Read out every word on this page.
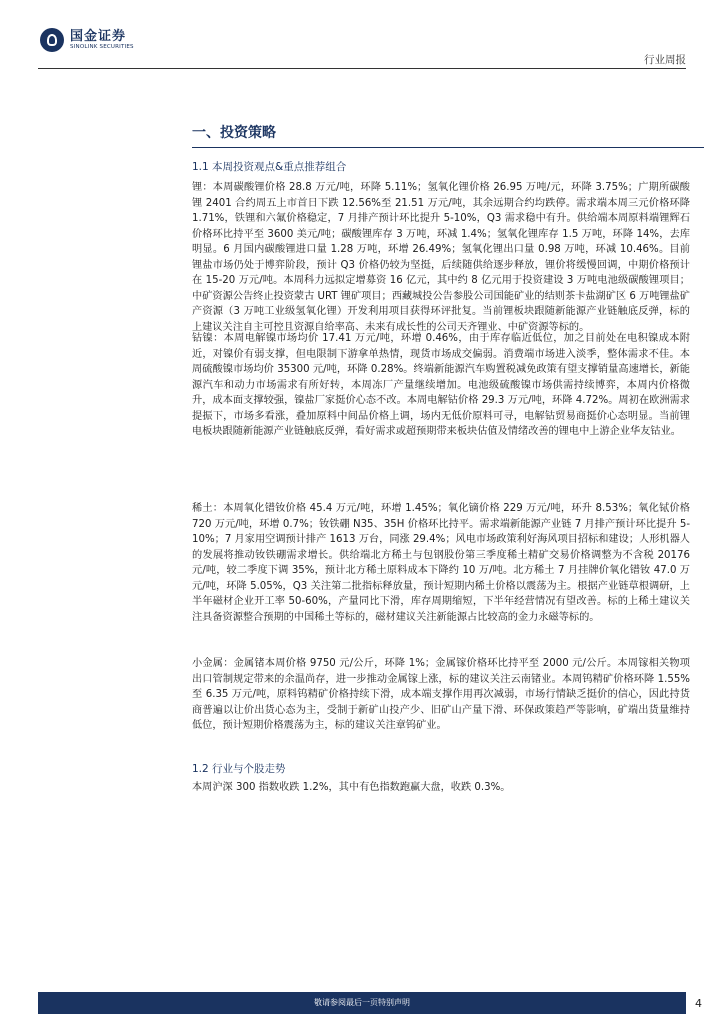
国金证券
SINOLINK SECURITIES
行业周报
一、投资策略
1.1 本周投资观点&重点推荐组合

锂：本周碳酸锂价格 28.8 万元/吨，环降 5.11%；氢氧化锂价格 26.95 万吨/元，环降 3.75%；广期所碳酸锂 2401 合约周五上市首日下跌 12.56%至 21.51 万元/吨，其余远期合约均跌停。需求端本周三元价格环降 1.71%，铁锂和六氟价格稳定，7 月排产预计环比提升 5-10%，Q3 需求稳中有升。供给端本周原料端锂辉石价格环比持平至 3600 美元/吨；碳酸锂库存 3 万吨，环减 1.4%；氢氧化锂库存 1.5 万吨，环降 14%，去库明显。6 月国内碳酸锂进口量 1.28 万吨，环增 26.49%；氢氧化锂出口量 0.98 万吨，环减 10.46%。目前锂盐市场仍处于博弈阶段，预计 Q3 价格仍较为坚挺，后续随供给逐步释放，锂价将缓慢回调，中期价格预计在 15-20 万元/吨。本周科力远拟定增募资 16 亿元，其中约 8 亿元用于投资建设 3 万吨电池级碳酸锂项目；中矿资源公告终止投资蒙古 URT 锂矿项目；西藏城投公告参股公司国能矿业的结则茶卡盐湖矿区 6 万吨锂盐矿产资源（3 万吨工业级氢氧化锂）开发利用项目获得环评批复。当前锂板块跟随新能源产业链触底反弹，标的上建议关注自主可控且资源自给率高、未来有成长性的公司天齐锂业、中矿资源等标的。

钴镍：本周电解镍市场均价 17.41 万元/吨，环增 0.46%，由于库存临近低位，加之目前处在电积镍成本附近，对镍价有弱支撑，但电限制下游拿单热情，现货市场成交偏弱。消费端市场进入淡季，整体需求不佳。本周硫酸镍市场均价 35300 元/吨，环降 0.28%。终端新能源汽车购置税减免政策有望支撑销量高速增长，新能源汽车和动力市场需求有所好转，本周冻厂产量继续增加。电池级硫酸镍市场供需持续博弈，本周内价格微升，成本面支撑较强，镍盐厂家挺价心态不改。本周电解钴价格 29.3 万元/吨，环降 4.72%。周初在欧洲需求提振下，市场多看涨，叠加原料中间品价格上调，场内无低价原料可寻，电解钴贸易商挺价心态明显。当前锂电板块跟随新能源产业链触底反弹，看好需求或超预期带来板块估值及情绪改善的锂电中上游企业华友钴业。

稀土：本周氧化镨钕价格 45.4 万元/吨，环增 1.45%；氧化镝价格 229 万元/吨，环升 8.53%；氧化铽价格 720 万元/吨，环增 0.7%；钕铁硼 N35、35H 价格环比持平。需求端新能源产业链 7 月排产预计环比提升 5-10%；7 月家用空调预计排产 1613 万台，同涨 29.4%；风电市场政策利好海风项目招标和建设；人形机器人的发展将推动钕铁硼需求增长。供给端北方稀土与包钢股份第三季度稀土精矿交易价格调整为不含税 20176 元/吨，较二季度下调 35%，预计北方稀土原料成本下降约 10 万/吨。北方稀土 7 月挂牌价氧化镨钕 47.0 万元/吨，环降 5.05%，Q3 关注第二批指标释放量，预计短期内稀土价格以震荡为主。根据产业链草根调研，上半年磁材企业开工率 50-60%，产量同比下滑，库存周期缩短，下半年经营情况有望改善。标的上稀土建议关注具备资源整合预期的中国稀土等标的，磁材建议关注新能源占比较高的金力永磁等标的。

小金属：金属锗本周价格 9750 元/公斤，环降 1%；金属镓价格环比持平至 2000 元/公斤。本周镓相关物项出口管制规定带来的余温尚存，进一步推动金属镓上涨，标的建议关注云南锗业。本周钨精矿价格环降 1.55%至 6.35 万元/吨，原料钨精矿价格持续下滑，成本端支撑作用再次减弱，市场行情缺乏挺价的信心，因此持货商普遍以让价出货心态为主，受制于新矿山投产少、旧矿山产量下滑、环保政策趋严等影响，矿端出货量维持低位，预计短期价格震荡为主，标的建议关注章钨矿业。

1.2 行业与个股走势

本周沪深 300 指数收跌 1.2%，其中有色指数跑赢大盘，收跌 0.3%。

敬请参阅最后一页特别声明	4
